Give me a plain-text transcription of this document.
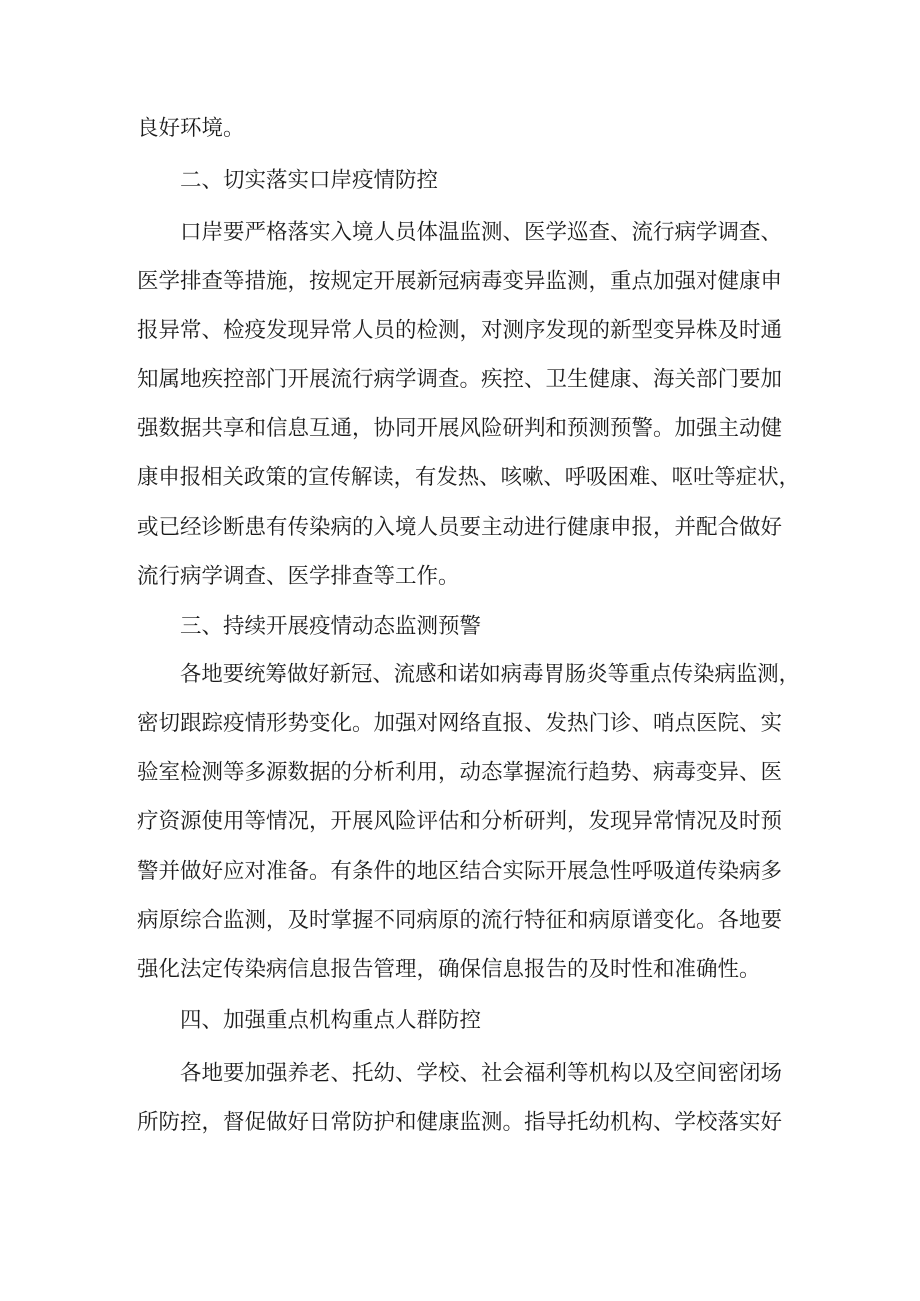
良好环境。
二、切实落实口岸疫情防控
口岸要严格落实入境人员体温监测、医学巡查、流行病学调查、
医学排查等措施，按规定开展新冠病毒变异监测，重点加强对健康申
报异常、检疫发现异常人员的检测，对测序发现的新型变异株及时通
知属地疾控部门开展流行病学调查。疾控、卫生健康、海关部门要加
强数据共享和信息互通，协同开展风险研判和预测预警。加强主动健
康申报相关政策的宣传解读，有发热、咳嗽、呼吸困难、呕吐等症状，
或已经诊断患有传染病的入境人员要主动进行健康申报，并配合做好
流行病学调查、医学排查等工作。
三、持续开展疫情动态监测预警
各地要统筹做好新冠、流感和诺如病毒胃肠炎等重点传染病监测，
密切跟踪疫情形势变化。加强对网络直报、发热门诊、哨点医院、实
验室检测等多源数据的分析利用，动态掌握流行趋势、病毒变异、医
疗资源使用等情况，开展风险评估和分析研判，发现异常情况及时预
警并做好应对准备。有条件的地区结合实际开展急性呼吸道传染病多
病原综合监测，及时掌握不同病原的流行特征和病原谱变化。各地要
强化法定传染病信息报告管理，确保信息报告的及时性和准确性。
四、加强重点机构重点人群防控
各地要加强养老、托幼、学校、社会福利等机构以及空间密闭场
所防控，督促做好日常防护和健康监测。指导托幼机构、学校落实好
